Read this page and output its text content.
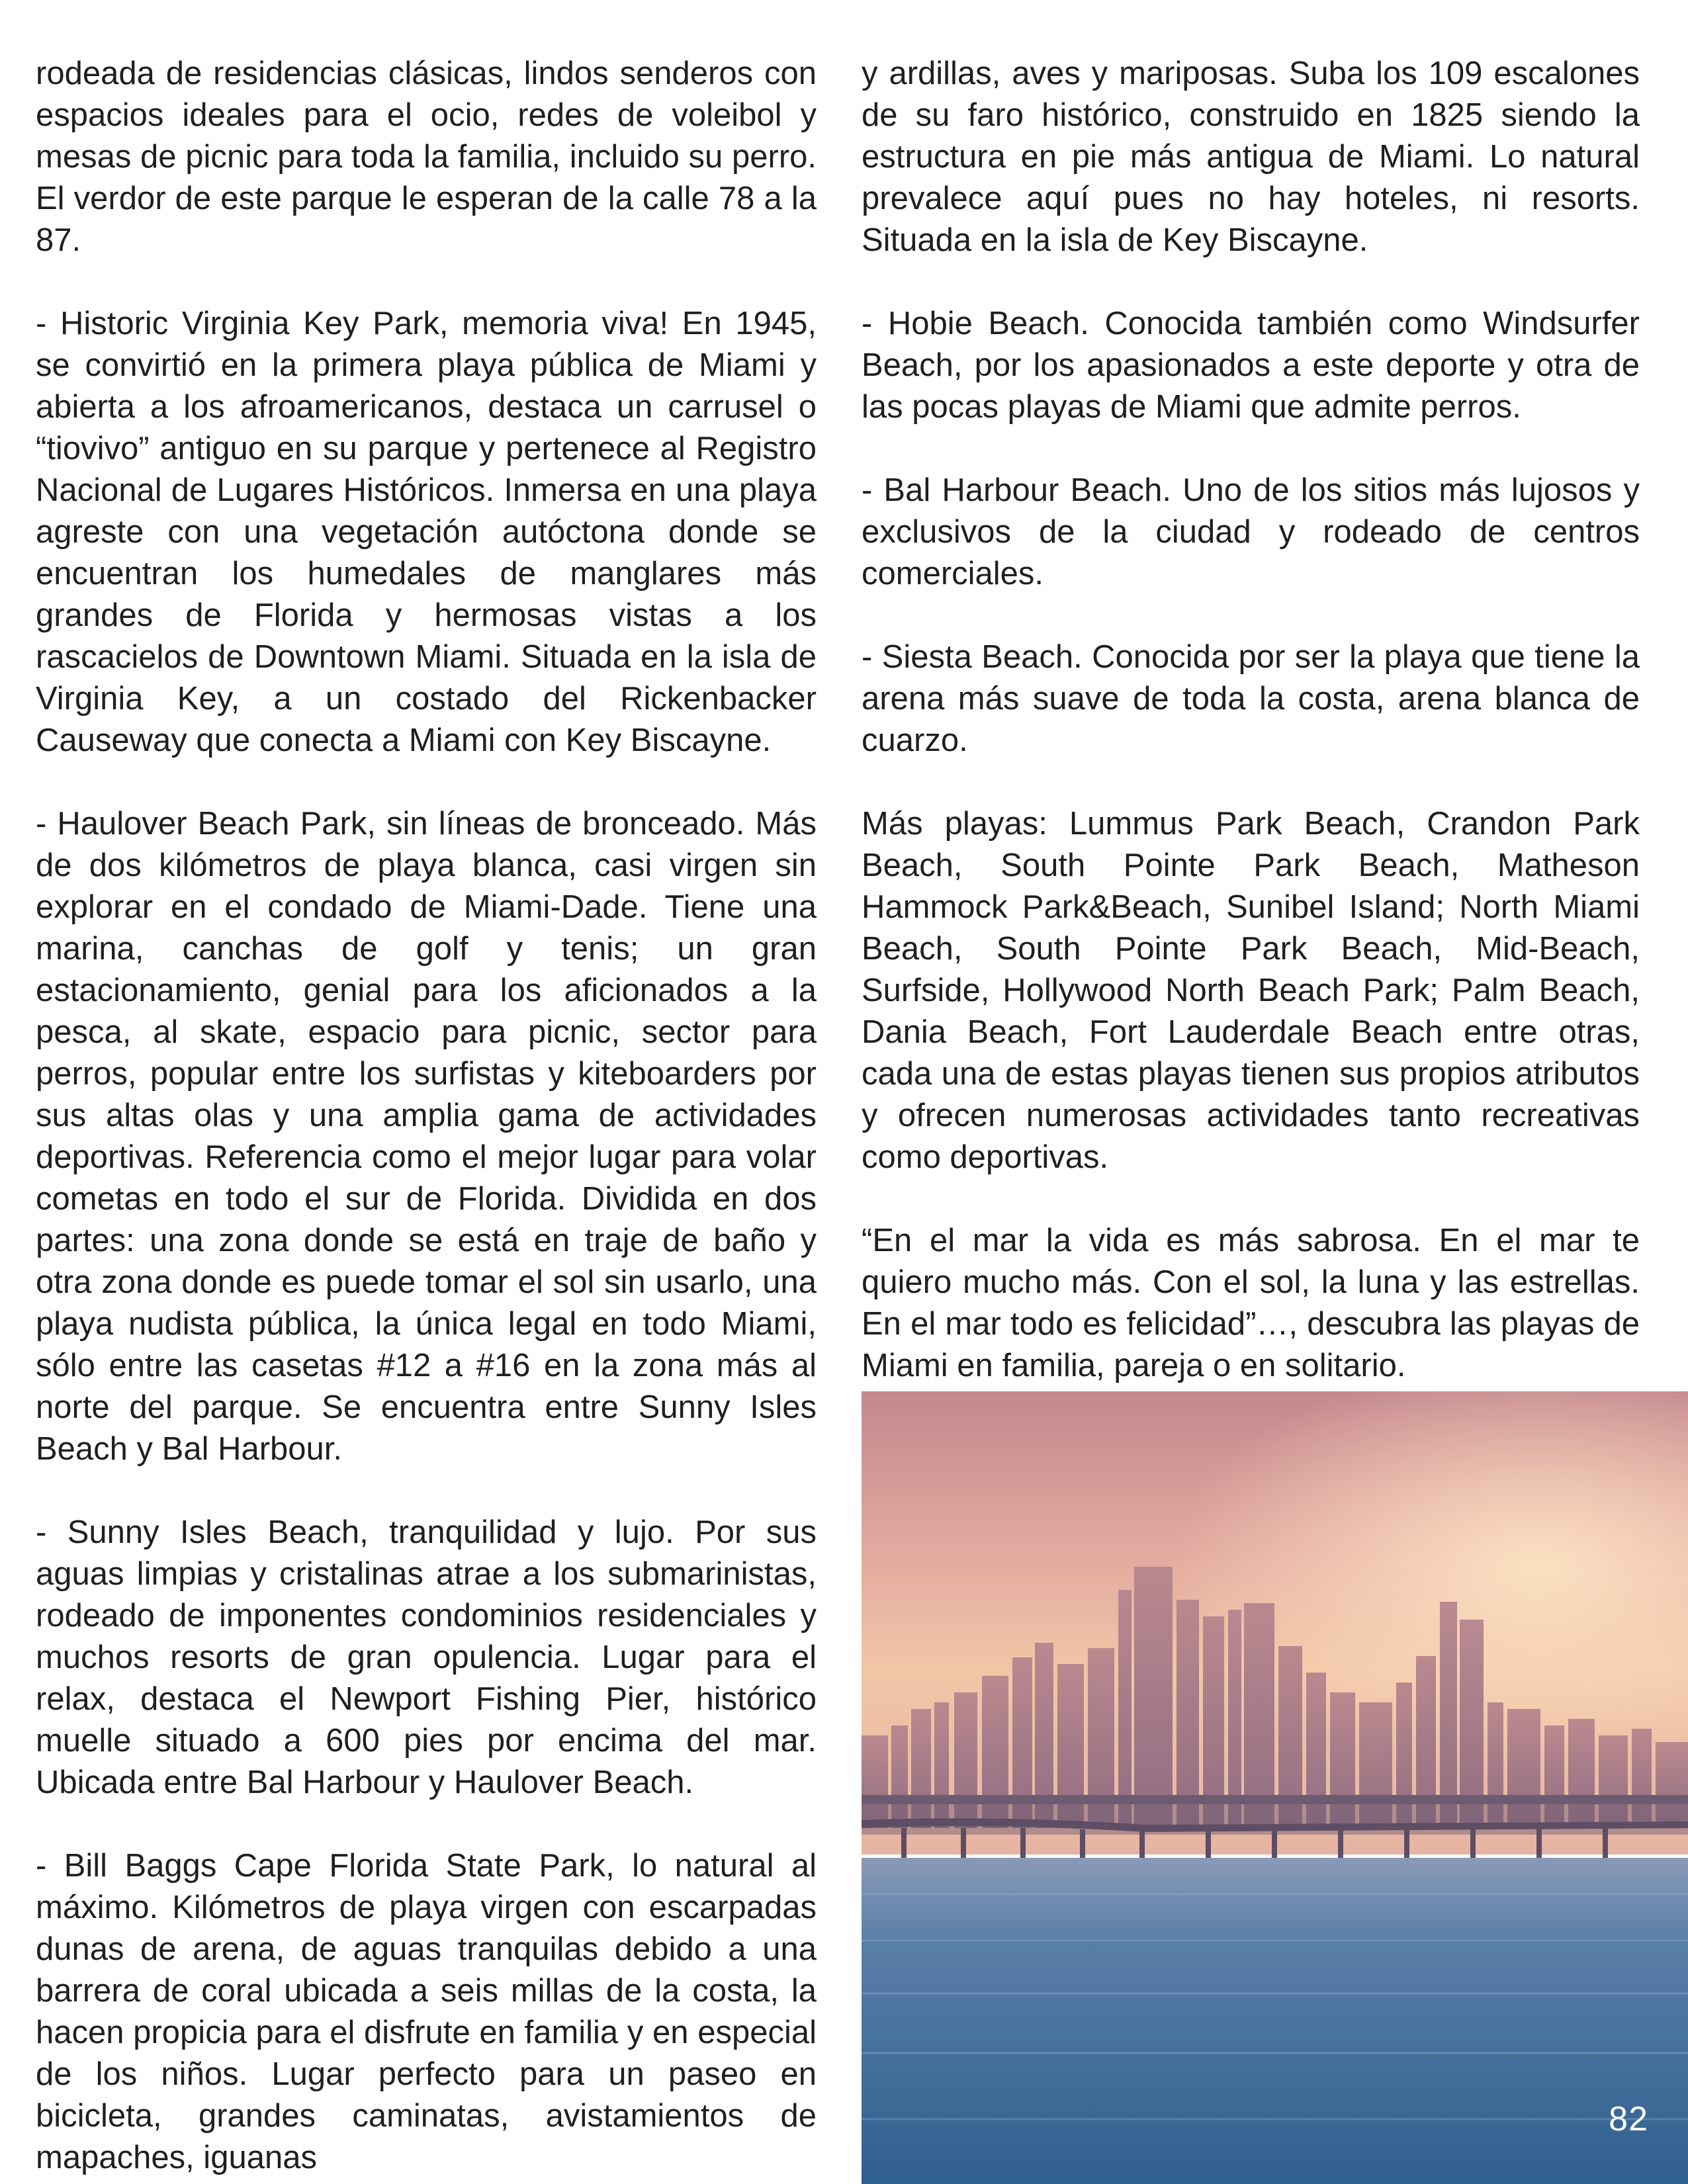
rodeada de residencias clásicas, lindos senderos con espacios ideales para el ocio, redes de voleibol y mesas de picnic para toda la familia, incluido su perro. El verdor de este parque le esperan de la calle 78 a la 87.

- Historic Virginia Key Park, memoria viva! En 1945, se convirtió en la primera playa pública de Miami y abierta a los afroamericanos, destaca un carrusel o “tiovivo” antiguo en su parque y pertenece al Registro Nacional de Lugares Históricos. Inmersa en una playa agreste con una vegetación autóctona donde se encuentran los humedales de manglares más grandes de Florida y hermosas vistas a los rascacielos de Downtown Miami. Situada en la isla de Virginia Key, a un costado del Rickenbacker Causeway que conecta a Miami con Key Biscayne.

- Haulover Beach Park, sin líneas de bronceado. Más de dos kilómetros de playa blanca, casi virgen sin explorar en el condado de Miami-Dade. Tiene una marina, canchas de golf y tenis; un gran estacionamiento, genial para los aficionados a la pesca, al skate, espacio para picnic, sector para perros, popular entre los surfistas y kiteboarders por sus altas olas y una amplia gama de actividades deportivas. Referencia como el mejor lugar para volar cometas en todo el sur de Florida. Dividida en dos partes: una zona donde se está en traje de baño y otra zona donde es puede tomar el sol sin usarlo, una playa nudista pública, la única legal en todo Miami, sólo entre las casetas #12 a #16 en la zona más al norte del parque. Se encuentra entre Sunny Isles Beach y Bal Harbour.

- Sunny Isles Beach, tranquilidad y lujo. Por sus aguas limpias y cristalinas atrae a los submarinistas, rodeado de imponentes condominios residenciales y muchos resorts de gran opulencia. Lugar para el relax, destaca el Newport Fishing Pier, histórico muelle situado a 600 pies por encima del mar. Ubicada entre Bal Harbour y Haulover Beach.

- Bill Baggs Cape Florida State Park, lo natural al máximo. Kilómetros de playa virgen con escarpadas dunas de arena, de aguas tranquilas debido a una barrera de coral ubicada a seis millas de la costa, la hacen propicia para el disfrute en familia y en especial de los niños. Lugar perfecto para un paseo en bicicleta, grandes caminatas, avistamientos de mapaches, iguanas

y ardillas, aves y mariposas. Suba los 109 escalones de su faro histórico, construido en 1825 siendo la estructura en pie más antigua de Miami. Lo natural prevalece aquí pues no hay hoteles, ni resorts. Situada en la isla de Key Biscayne.

- Hobie Beach. Conocida también como Windsurfer Beach, por los apasionados a este deporte y otra de las pocas playas de Miami que admite perros.

- Bal Harbour Beach. Uno de los sitios más lujosos y exclusivos de la ciudad y rodeado de centros comerciales.

- Siesta Beach. Conocida por ser la playa que tiene la arena más suave de toda la costa, arena blanca de cuarzo.

Más playas: Lummus Park Beach, Crandon Park Beach, South Pointe Park Beach, Matheson Hammock Park&Beach, Sunibel Island; North Miami Beach, South Pointe Park Beach, Mid-Beach, Surfside, Hollywood North Beach Park; Palm Beach, Dania Beach, Fort Lauderdale Beach entre otras, cada una de estas playas tienen sus propios atributos y ofrecen numerosas actividades tanto recreativas como deportivas.

“En el mar la vida es más sabrosa. En el mar te quiero mucho más. Con el sol, la luna y las estrellas. En el mar todo es felicidad”…, descubra las playas de Miami en familia, pareja o en solitario.

82
